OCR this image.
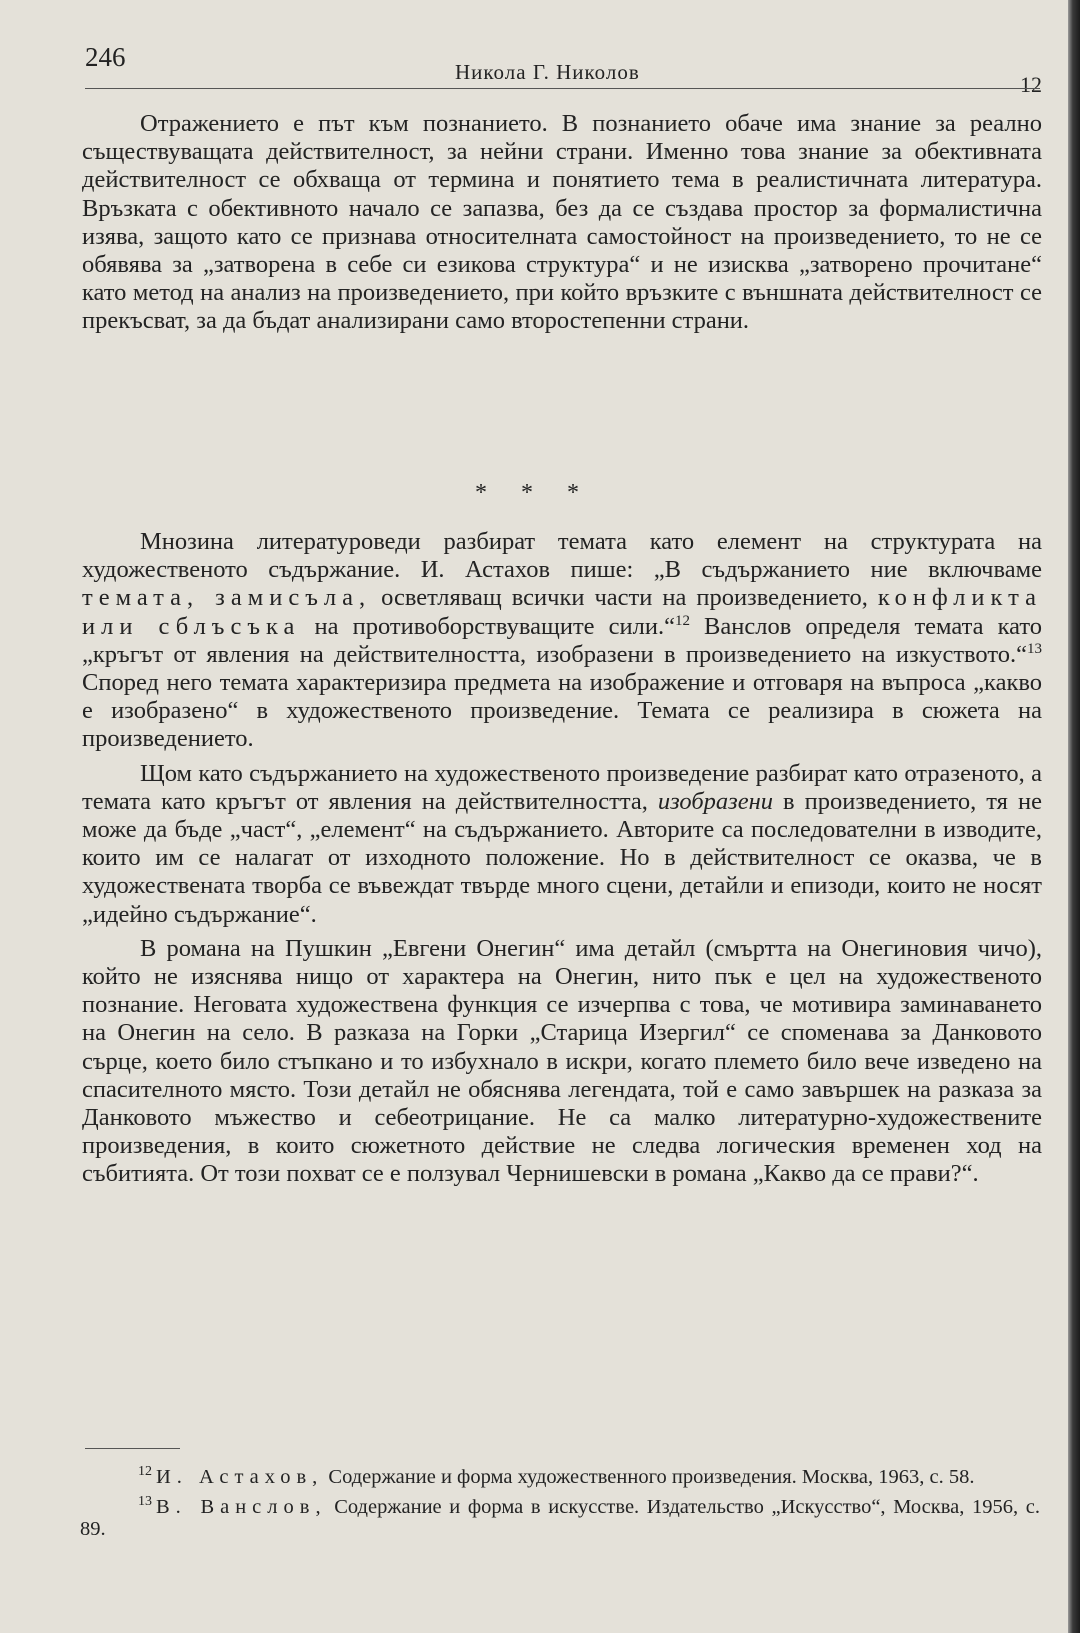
246	Никола Г. Николов	12

Отражението е път към познанието. В познанието обаче има знание за реално съществуващата действителност, за нейни страни. Именно това знание за обективната действителност се обхваща от термина и понятието тема в реалистичната литература. Връзката с обективното начало се запазва, без да се създава простор за формалистична изява, защото като се признава относителната самостойност на произведението, то не се обявява за „затворена в себе си езикова структура“ и не изисква „затворено прочитане“ като метод на анализ на произведението, при който връзките с външната действителност се прекъсват, за да бъдат анализирани само второстепенни страни.

* * *

Мнозина литературоведи разбират темата като елемент на структурата на художественото съдържание. И. Астахов пише: „В съдържанието ние включваме темата, замисъла, осветляващ всички части на произведението, конфликта или сблъсъка на противоборствуващите сили.“$^{12}$ Ванслов определя темата като „кръгът от явления на действителността, изобразени в произведението на изкуството.“$^{13}$ Според него темата характеризира предмета на изображение и отговаря на въпроса „какво е изобразено“ в художественото произведение. Темата се реализира в сюжета на произведението.

Щом като съдържанието на художественото произведение разбират като отразеното, а темата като кръгът от явления на действителността, изобразени в произведението, тя не може да бъде „част“, „елемент“ на съдържанието. Авторите са последователни в изводите, които им се налагат от изходното положение. Но в действителност се оказва, че в художествената творба се въвеждат твърде много сцени, детайли и епизоди, които не носят „идейно съдържание“.

В романа на Пушкин „Евгени Онегин“ има детайл (смъртта на Онегиновия чичо), който не изяснява нищо от характера на Онегин, нито пък е цел на художественото познание. Неговата художествена функция се изчерпва с това, че мотивира заминаването на Онегин на село. В разказа на Горки „Старица Изергил“ се споменава за Данковото сърце, което било стъпкано и то избухнало в искри, когато племето било вече изведено на спасителното място. Този детайл не обяснява легендата, той е само завършек на разказа за Данковото мъжество и себеотрицание. Не са малко литературно-художествените произведения, в които сюжетното действие не следва логическия временен ход на събитията. От този похват се е ползувал Чернишевски в романа „Какво да се прави?“.

$^{12}$ И. Астахов, Содержание и форма художественного произведения. Москва, 1963, с. 58.

$^{13}$ В. Ванслов, Содержание и форма в искусстве. Издательство „Искусство“, Москва, 1956, с. 89.
